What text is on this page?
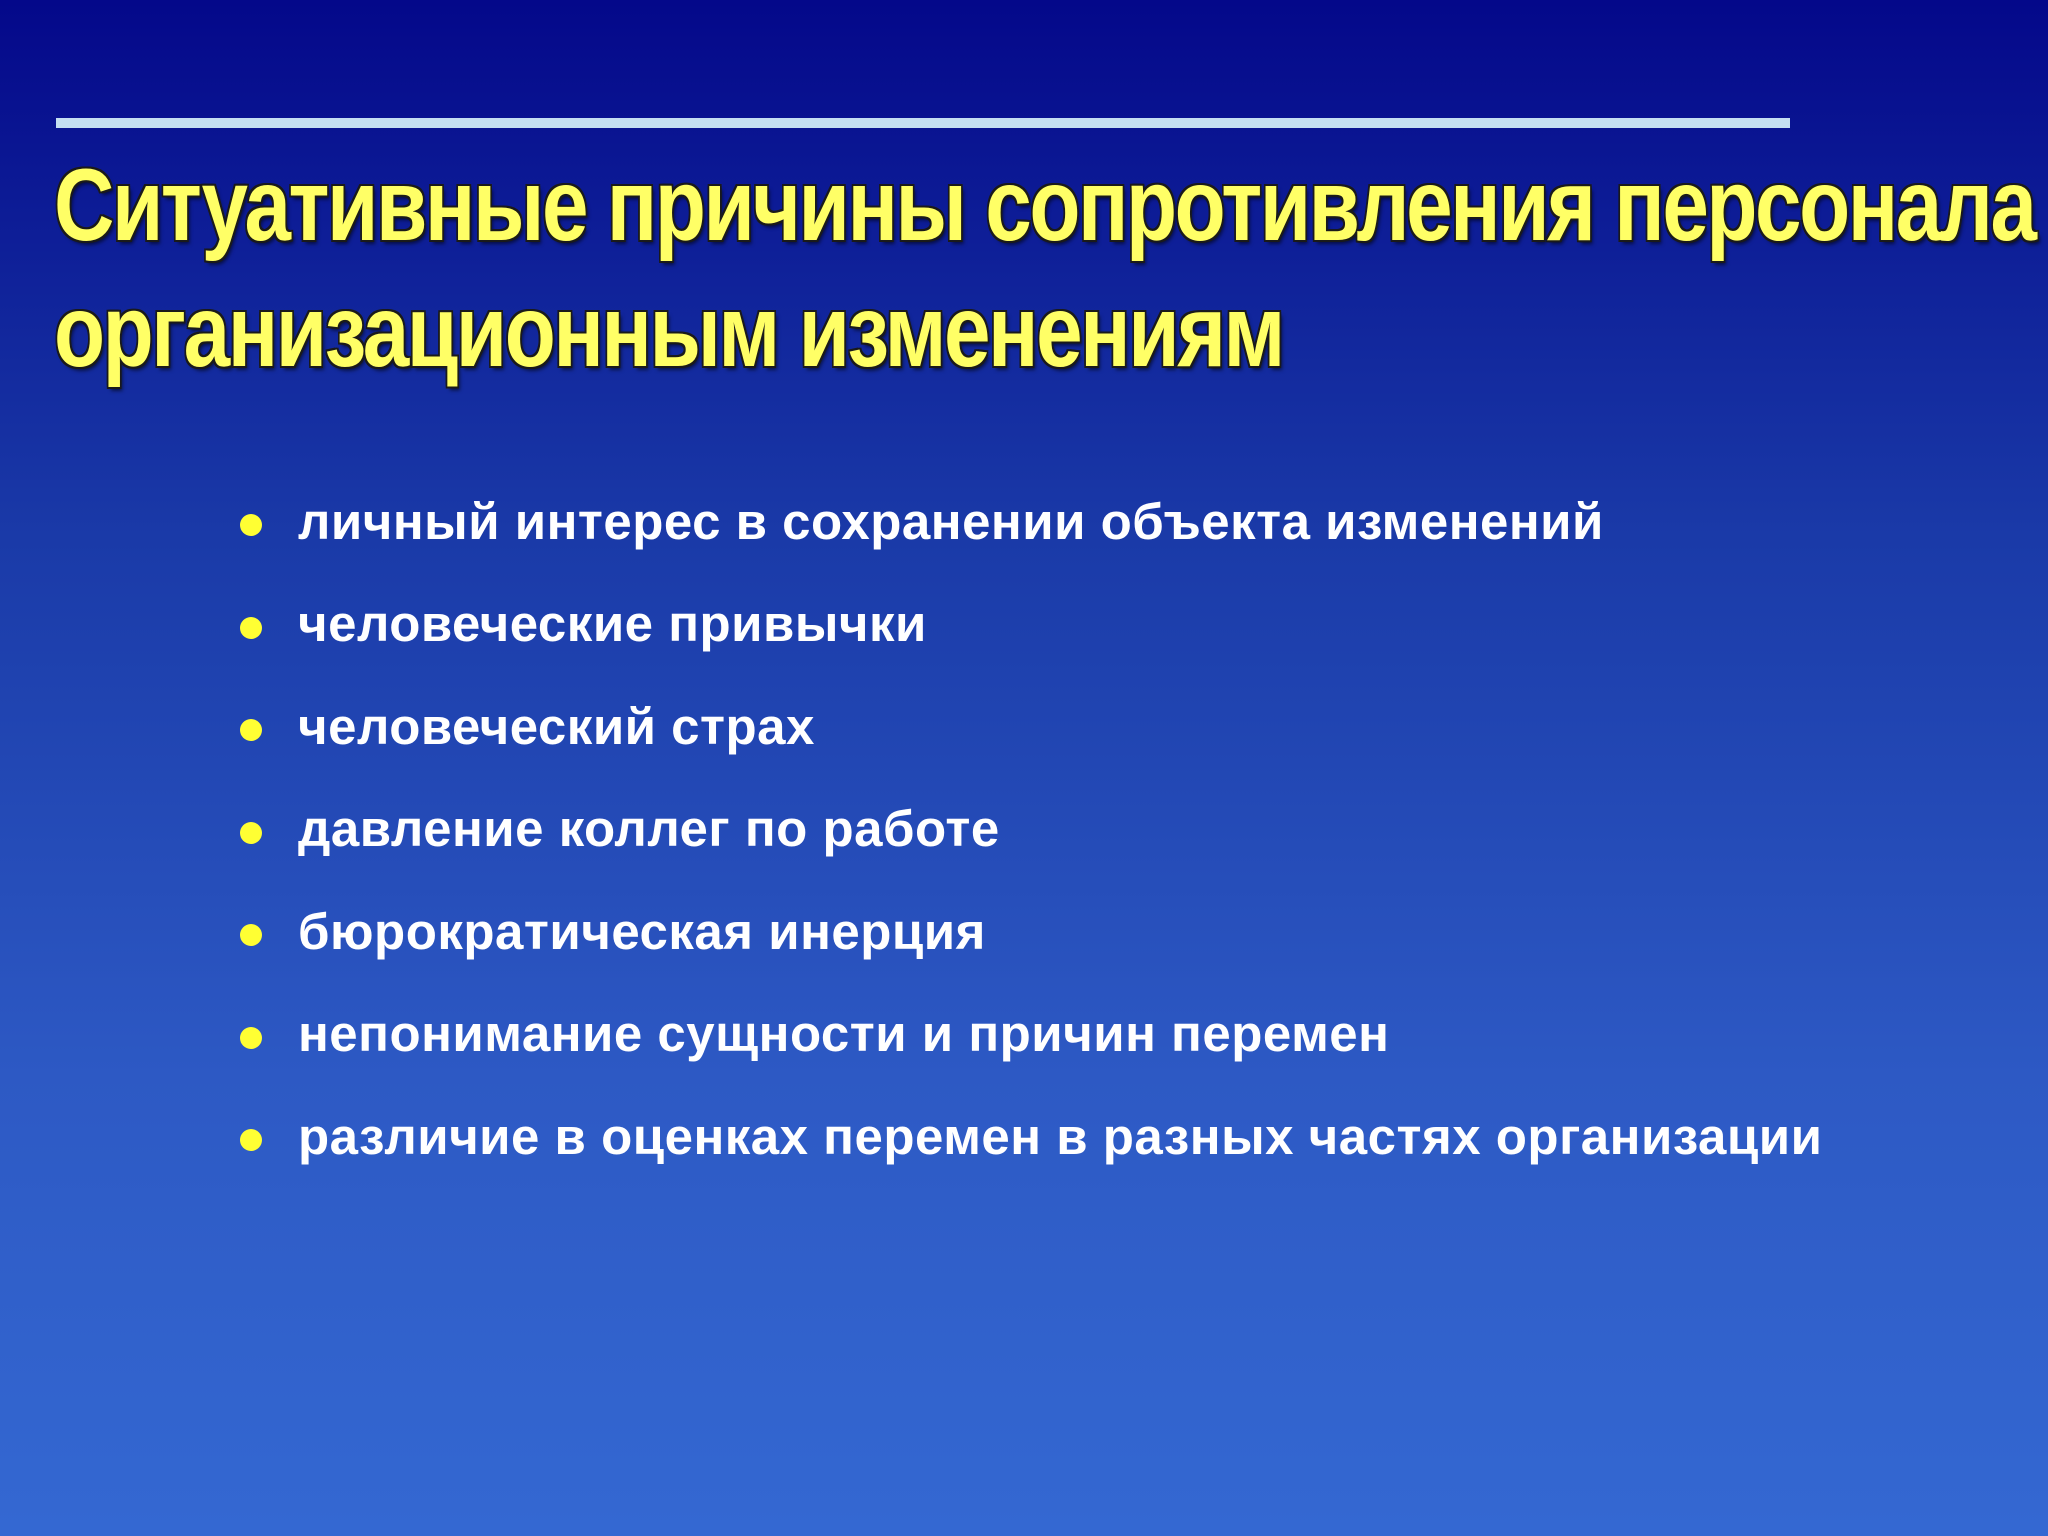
Ситуативные причины сопротивления персонала
организационным изменениям
личный интерес в сохранении объекта изменений
человеческие привычки
человеческий страх
давление коллег по работе
бюрократическая инерция
непонимание сущности и причин перемен
различие в оценках перемен в разных частях организации
